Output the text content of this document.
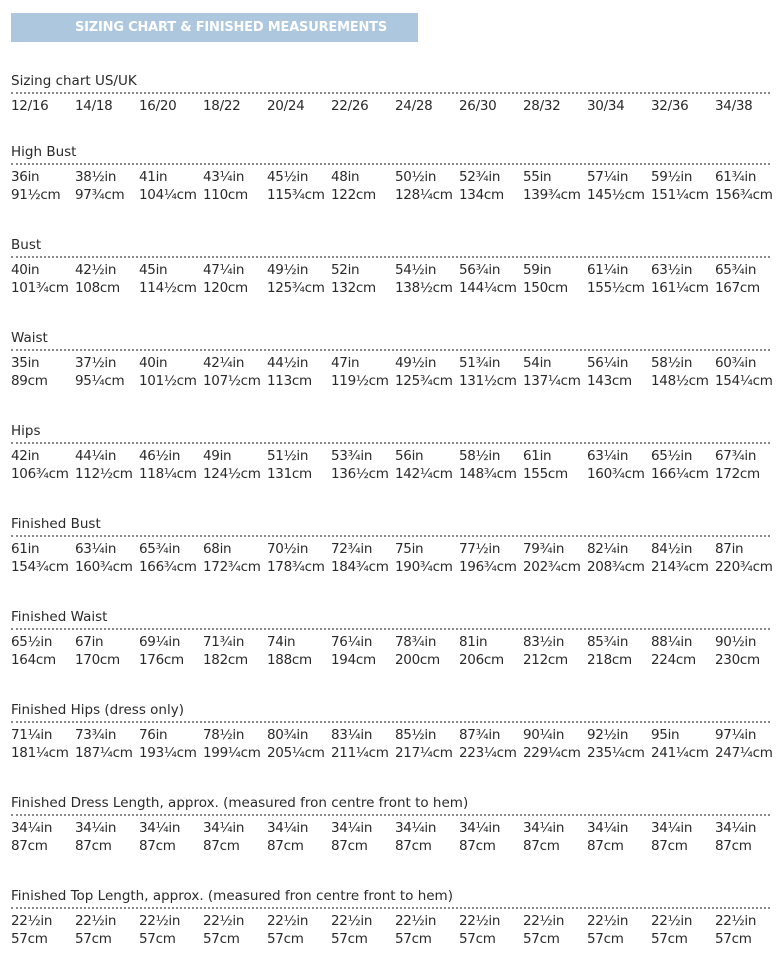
SIZING CHART & FINISHED MEASUREMENTS
Sizing chart US/UK
12/16 14/18 16/20 18/22 20/24 22/26 24/28 26/30 28/32 30/34 32/36 34/38
High Bust
36in	38½in 41in	43¼in 45½in 48in	50½in 52¾in 55in	57¼in 59½in 61¾in
91½cm 97¾cm 104¼cm 110cm 115¾cm 122cm 128¼cm 134cm 139¾cm 145½cm 151¼cm 156¾cm
Bust
40in	42½in 45in	47¼in 49½in 52in	54½in 56¾in 59in	61¼in 63½in 65¾in
101¾cm 108cm 114½cm 120cm 125¾cm 132cm 138½cm 144¼cm 150cm 155½cm 161¼cm 167cm
Waist
35in	37½in 40in	42¼in 44½in 47in	49½in 51¾in 54in	56¼in 58½in 60¾in
89cm 95¼cm 101½cm 107½cm 113cm 119½cm 125¾cm 131½cm 137¼cm 143cm 148½cm 154¼cm
Hips
42in	44¼in 46½in 49in	51½in 53¾in 56in	58½in 61in	63¼in 65½in 67¾in
106¾cm 112½cm 118¼cm 124½cm 131cm 136½cm 142¼cm 148¾cm 155cm 160¾cm 166¼cm 172cm
Finished Bust
61in	63¼in 65¾in 68in	70½in 72¾in 75in	77½in 79¾in 82¼in 84½in 87in
154¾cm 160¾cm 166¾cm 172¾cm 178¾cm 184¾cm 190¾cm 196¾cm 202¾cm 208¾cm 214¾cm 220¾cm
Finished Waist
65½in 67in	69¼in 71¾in 74in	76¼in 78¾in 81in	83½in 85¾in 88¼in 90½in
164cm 170cm 176cm 182cm 188cm 194cm 200cm 206cm 212cm 218cm 224cm 230cm
Finished Hips (dress only)
71¼in 73¾in 76in	78½in 80¾in 83¼in 85½in 87¾in 90¼in 92½in 95in	97¼in
181¼cm 187¼cm 193¼cm 199¼cm 205¼cm 211¼cm 217¼cm 223¼cm 229¼cm 235¼cm 241¼cm 247¼cm
Finished Dress Length, approx. (measured fron centre front to hem)
34¼in 34¼in 34¼in 34¼in 34¼in 34¼in 34¼in 34¼in 34¼in 34¼in 34¼in 34¼in
87cm 87cm 87cm 87cm 87cm 87cm 87cm 87cm 87cm 87cm 87cm 87cm
Finished Top Length, approx. (measured fron centre front to hem)
22½in 22½in 22½in 22½in 22½in 22½in 22½in 22½in 22½in 22½in 22½in 22½in
57cm 57cm 57cm 57cm 57cm 57cm 57cm 57cm 57cm 57cm 57cm 57cm
